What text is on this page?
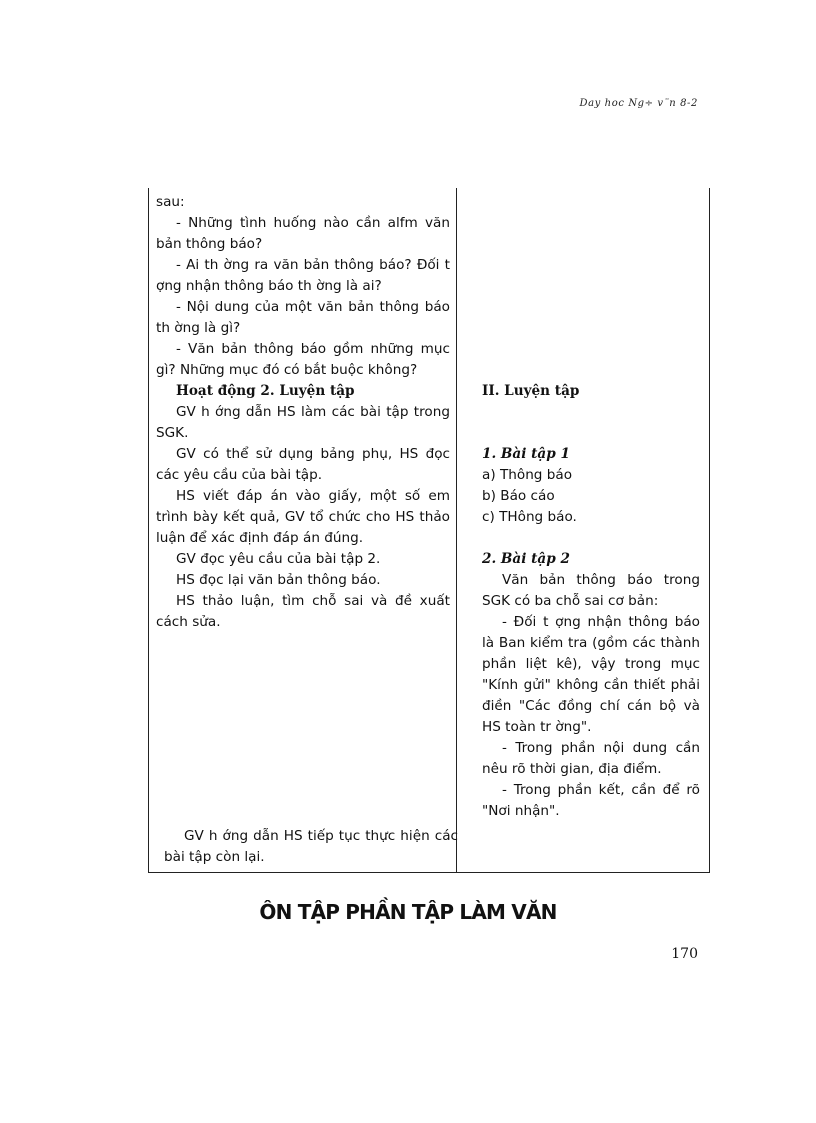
Day hoc Ng÷ v¨n 8-2

sau:

- Những tình huống nào cần alfm văn bản thông báo?

- Ai th ờng ra văn bản thông báo? Đối t ợng nhận thông báo th ờng là ai?

- Nội dung của một văn bản thông báo th ờng là gì?

- Văn bản thông báo gồm những mục gì? Những mục đó có bắt buộc không?

Hoạt động 2. Luyện tập

GV h ớng dẫn HS làm các bài tập trong SGK.

GV có thể sử dụng bảng phụ, HS đọc các yêu cầu của bài tập.

HS viết đáp án vào giấy, một số em trình bày kết quả, GV tổ chức cho HS thảo luận để xác định đáp án đúng.

GV đọc yêu cầu của bài tập 2.

HS đọc lại văn bản thông báo.

HS thảo luận, tìm chỗ sai và đề xuất cách sửa.

GV h ớng dẫn HS tiếp tục thực hiện các bài tập còn lại.

II. Luyện tập

1. Bài tập 1

a) Thông báo

b) Báo cáo

c) THông báo.

2. Bài tập 2

Văn bản thông báo trong SGK có ba chỗ sai cơ bản:

- Đối t ợng nhận thông báo là Ban kiểm tra (gồm các thành phần liệt kê), vậy trong mục "Kính gửi" không cần thiết phải điền "Các đồng chí cán bộ và HS toàn tr ờng".

- Trong phần nội dung cần nêu rõ thời gian, địa điểm.

- Trong phần kết, cần để rõ "Nơi nhận".

ÔN TẬP PHẦN TẬP LÀM VĂN
170
